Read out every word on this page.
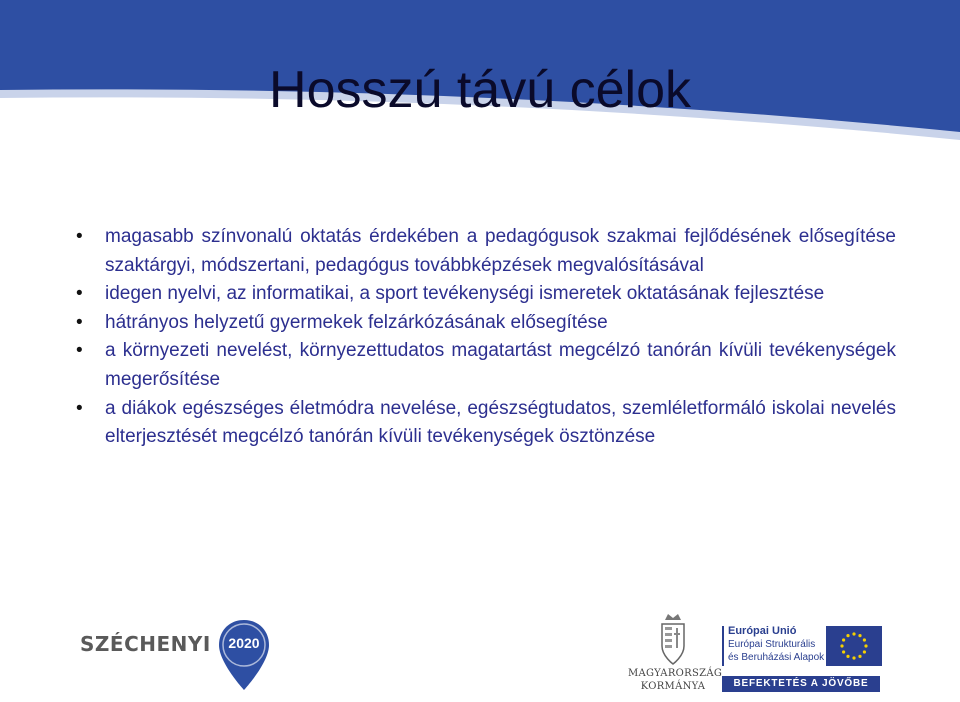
Hosszú távú célok
• magasabb színvonalú oktatás érdekében a pedagógusok szakmai fejlődésének elősegítése szaktárgyi, módszertani, pedagógus továbbképzések megvalósításával
• idegen nyelvi, az informatikai, a sport tevékenységi ismeretek oktatásának fejlesztése
• hátrányos helyzetű gyermekek felzárkózásának elősegítése
• a környezeti nevelést, környezettudatos magatartást megcélzó tanórán kívüli tevékenységek megerősítése
• a diákok egészséges életmódra nevelése, egészségtudatos, szemléletformáló iskolai nevelés elterjesztését megcélzó tanórán kívüli tevékenységek ösztönzése
SZÉCHENYI	2020
MAGYARORSZÁG
KORMÁNYA
Európai Unió
Európai Strukturális
és Beruházási Alapok
BEFEKTETÉS A JÖVŐBE
